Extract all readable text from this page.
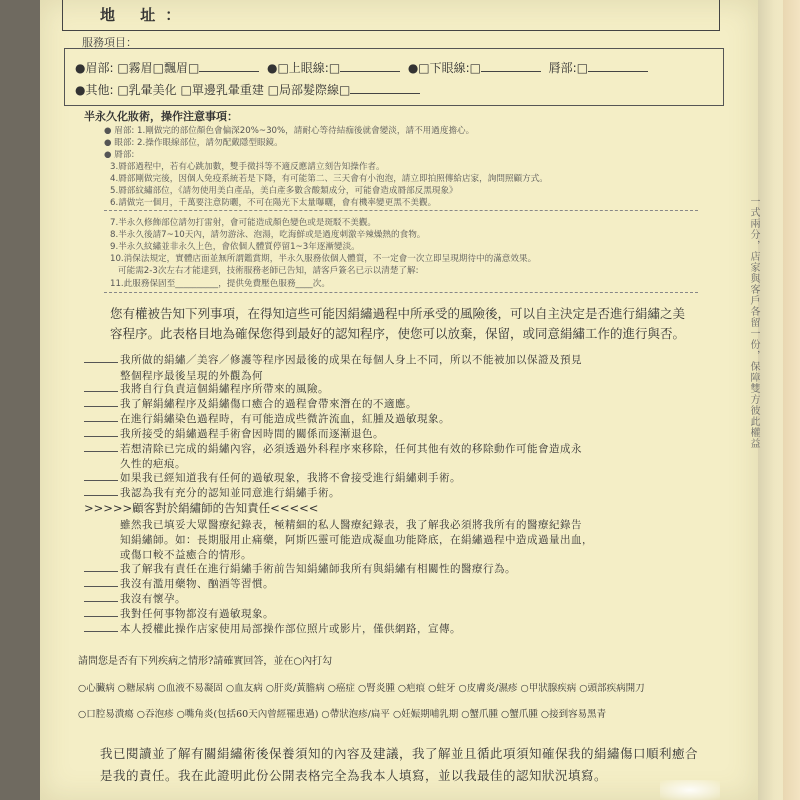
一式兩分，店家與客戶各留一份，保障雙方彼此權益
地 址：
服務項目：
●眉部: □霧眉□飄眉□	●□上眼線:□	●□下眼線:□	脣部:□
●其他: □乳暈美化 □單邊乳暈重建 □局部髮際線□
半永久化妝術，操作注意事項：
● 眉部: 1.剛做完的部位顏色會偏深20%~30%，請耐心等待結痂後就會變淡，請不用過度擔心。
● 眼部: 2.操作眼線部位，請勿配戴隱型眼鏡。
● 脣部:
3.脣部過程中，若有心跳加數，雙手微抖等不適反應請立刻告知操作者。
4.脣部剛做完後，因個人免疫系統若是下降，有可能第二、三天會有小泡泡，請立即拍照傳給店家，詢問照顧方式。
5.脣部紋繡部位，《請勿使用美白產品，美白產多數含酸類成分，可能會造成脣部反黑現象》
6.請做完一個月，千萬要注意防曬，不可在陽光下太量曝曬，會有機率變更黑不美觀。
7.半永久修飾部位請勿打雷射，會可能造成顏色變色或是斑駁不美觀。
8.半永久後請7~10天內，請勿游泳、泡湯，吃海鮮或是過度刺激辛辣燥熱的食物。
9.半永久紋繡並非永久上色，會依個人體質停留1~3年逐漸變淡。
10.消保法規定，實體店面並無所謂鑑賞期，半永久服務依個人體質，不一定會一次立即呈現期待中的滿意效果。
可能需2-3次左右才能達到，技術服務老師已告知，請客戶簽名已示以清楚了解:
11.此服務保固至__________，提供免費壓色服務____次。
您有權被告知下列事項，在得知這些可能因絹繡過程中所承受的風險後，可以自主決定是否進行絹繡之美容程序。此表格目地為確保您得到最好的認知程序，使您可以放棄，保留，或同意絹繡工作的進行與否。
我所做的絹繡／美容／修護等程序因最後的成果在每個人身上不同，所以不能被加以保證及預見
整個程序最後呈現的外觀為何
我將自行負責這個絹繡程序所帶來的風險。
我了解絹繡程序及絹繡傷口癒合的過程會帶來潛在的不適應。
在進行絹繡染色過程時，有可能造成些微許流血，紅腫及過敏現象。
我所接受的絹繡過程手術會因時間的關係而逐漸退色。
若想清除已完成的絹繡內容，必須透過外科程序來移除，任何其他有效的移除動作可能會造成永
久性的疤痕。
如果我已經知道我有任何的過敏現象，我將不會接受進行絹繡刺手術。
我認為我有充分的認知並同意進行絹繡手術。
>>>>>顧客對於絹繡師的告知責任<<<<<
雖然我已填妥大眾醫療紀錄表，極精細的私人醫療紀錄表，我了解我必須將我所有的醫療紀錄告
知絹繡師。如：長期服用止痛藥，阿斯匹靈可能造成凝血功能降底，在絹繡過程中造成過量出血，
或傷口較不益癒合的情形。
我了解我有責任在進行絹繡手術前告知絹繡師我所有與絹繡有相關性的醫療行為。
我沒有濫用藥物、酗酒等習慣。
我沒有懷孕。
我對任何事物都沒有過敏現象。
本人授權此操作店家使用局部操作部位照片或影片，僅供網路，宣傳。
請問您是否有下列疾病之情形?請確實回答，並在○內打勾
○心臟病 ○糖尿病 ○血液不易凝固 ○血友病 ○肝炎/黃膽病 ○癌症 ○腎炎腫 ○疤痕 ○蛀牙 ○皮膚炎/濕疹 ○甲狀腺疾病 ○頭部疾病開刀
○口腔易潰瘍 ○吞泡疹 ○嘴角炎(包括60天內曾經罹患過) ○帶狀泡疹/扁平 ○妊娠期哺乳期 ○蟹爪腫 ○蟹爪腫 ○接到容易黑青
我已閱讀並了解有關絹繡術後保養須知的內容及建議，我了解並且循此項須知確保我的絹繡傷口順利癒合
是我的責任。我在此證明此份公開表格完全為我本人填寫，並以我最佳的認知狀況填寫。
